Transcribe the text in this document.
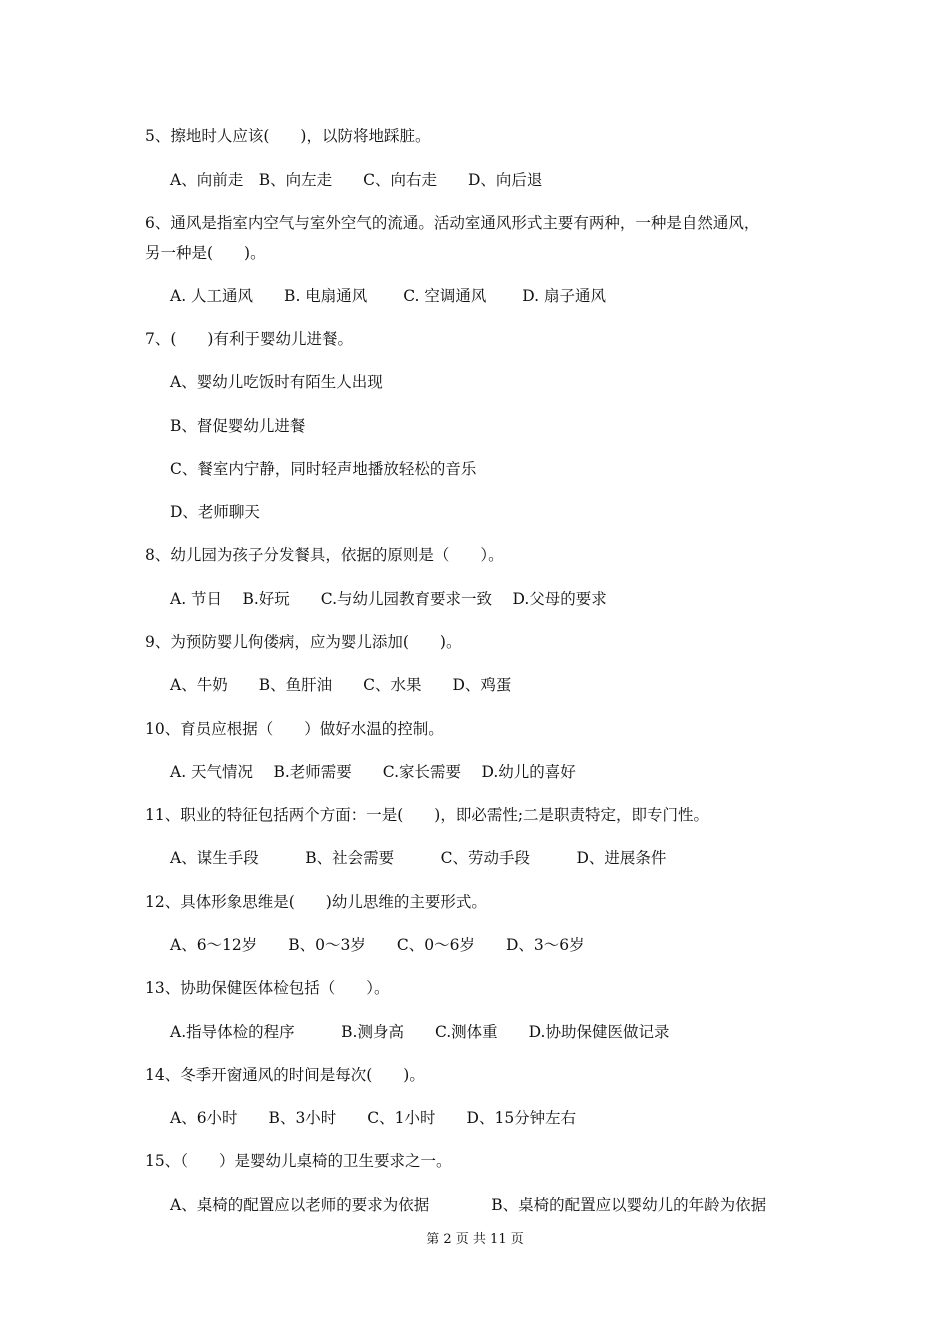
5、擦地时人应该(　　)，以防将地踩脏。
A、向前走　B、向左走　　C、向右走　　D、向后退
6、通风是指室内空气与室外空气的流通。活动室通风形式主要有两种，一种是自然通风，
另一种是(　　)。
A. 人工通风　　B. 电扇通风　　 C. 空调通风　　 D. 扇子通风
7、(　　)有利于婴幼儿进餐。
A、婴幼儿吃饭时有陌生人出现
B、督促婴幼儿进餐
C、餐室内宁静，同时轻声地播放轻松的音乐
D、老师聊天
8、幼儿园为孩子分发餐具，依据的原则是（　　）。
A. 节日　 B.好玩　　C.与幼儿园教育要求一致　 D.父母的要求
9、为预防婴儿佝偻病，应为婴儿添加(　　)。
A、牛奶　　B、鱼肝油　　C、水果　　D、鸡蛋
10、育员应根据（　　）做好水温的控制。
A. 天气情况　 B.老师需要　　C.家长需要　 D.幼儿的喜好
11、职业的特征包括两个方面：一是(　　)，即必需性;二是职责特定，即专门性。
A、谋生手段　　　B、社会需要　　　C、劳动手段　　　D、进展条件
12、具体形象思维是(　　)幼儿思维的主要形式。
A、6～12岁　　B、0～3岁　　C、0～6岁　　D、3～6岁
13、协助保健医体检包括（　　）。
A.指导体检的程序　　　B.测身高　　C.测体重　　D.协助保健医做记录
14、冬季开窗通风的时间是每次(　　)。
A、6小时　　B、3小时　　C、1小时　　D、15分钟左右
15、（　　）是婴幼儿桌椅的卫生要求之一。
A、桌椅的配置应以老师的要求为依据　　　　B、桌椅的配置应以婴幼儿的年龄为依据
第 2 页 共 11 页
